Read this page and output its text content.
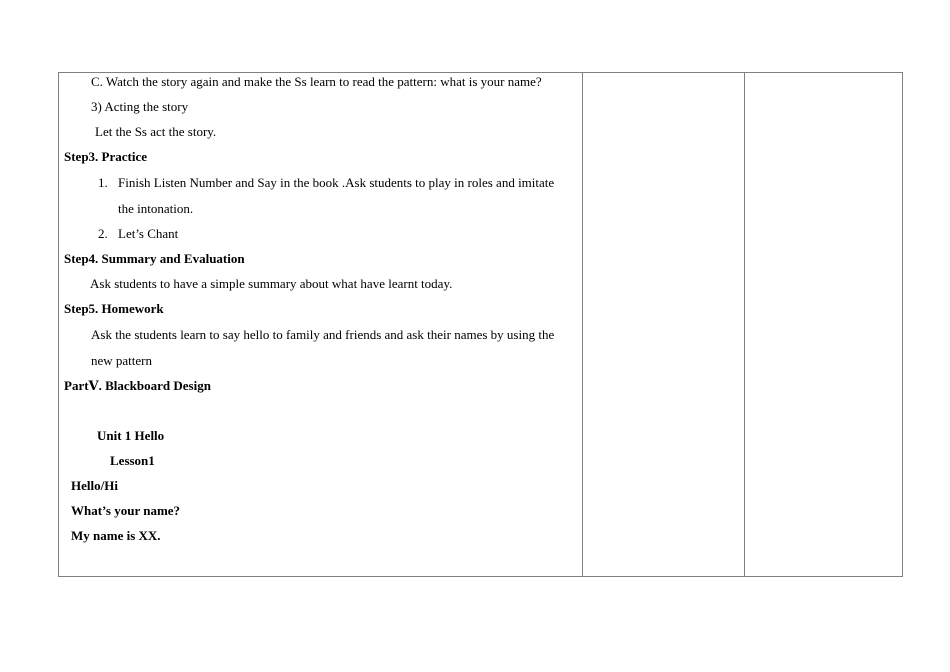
C. Watch the story again and make the Ss learn to read the pattern: what is your name?
3) Acting the story
Let the Ss act the story.
Step3. Practice
1. Finish Listen Number and Say in the book .Ask students to play in roles and imitate
the intonation.
2. Let’s Chant
Step4. Summary and Evaluation
Ask students to have a simple summary about what have learnt today.
Step5. Homework
Ask the students learn to say hello to family and friends and ask their names by using the
new pattern
PartⅤ. Blackboard Design
Unit 1 Hello
Lesson1
Hello/Hi
What’s your name?
My name is XX.
